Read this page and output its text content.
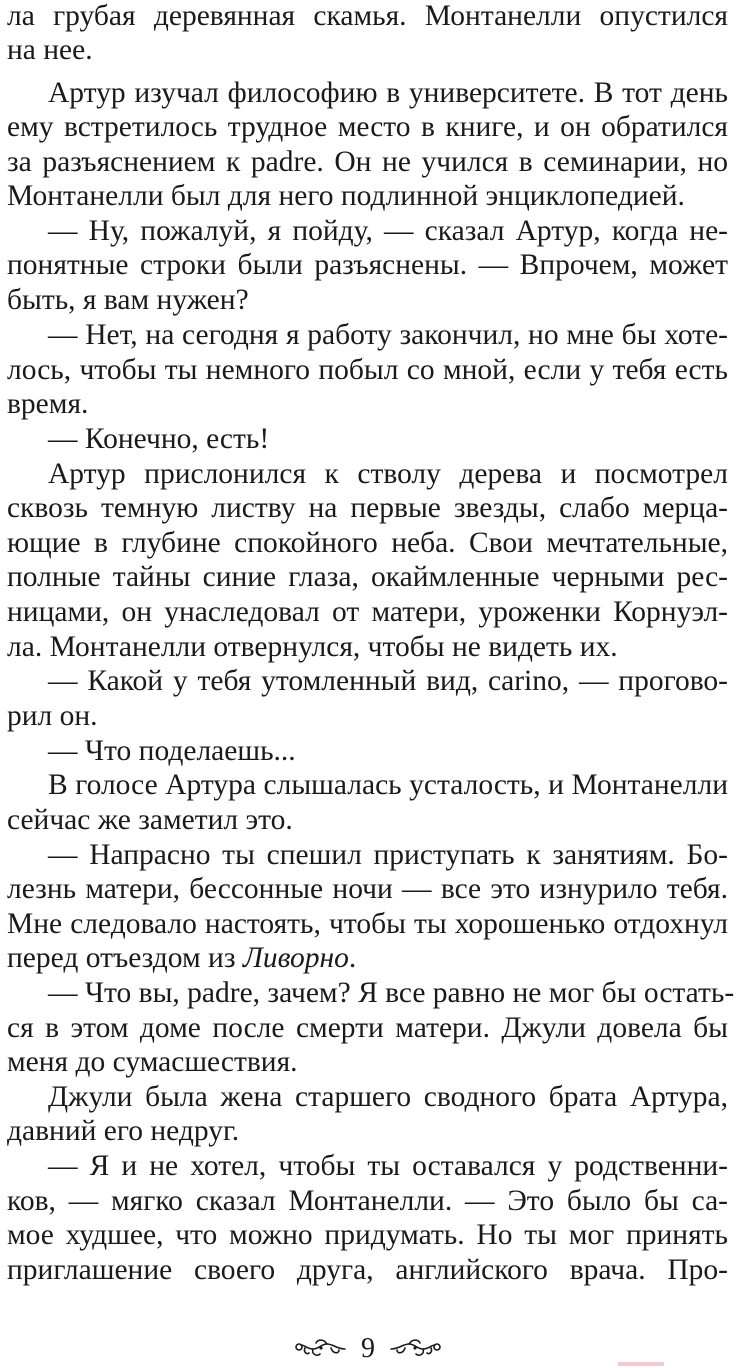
ла грубая деревянная скамья. Монтанелли опустился
на нее.
Артур изучал философию в университете. В тот день
ему встретилось трудное место в книге, и он обратился
за разъяснением к padre. Он не учился в семинарии, но
Монтанелли был для него подлинной энциклопедией.
— Ну, пожалуй, я пойду, — сказал Артур, когда не-
понятные строки были разъяснены. — Впрочем, может
быть, я вам нужен?
— Нет, на сегодня я работу закончил, но мне бы хоте-
лось, чтобы ты немного побыл со мной, если у тебя есть
время.
— Конечно, есть!
Артур прислонился к стволу дерева и посмотрел
сквозь темную листву на первые звезды, слабо мерца-
ющие в глубине спокойного неба. Свои мечтательные,
полные тайны синие глаза, окаймленные черными рес-
ницами, он унаследовал от матери, уроженки Корнуэл-
ла. Монтанелли отвернулся, чтобы не видеть их.
— Какой у тебя утомленный вид, carino, — прогово-
рил он.
— Что поделаешь...
В голосе Артура слышалась усталость, и Монтанелли
сейчас же заметил это.
— Напрасно ты спешил приступать к занятиям. Бо-
лезнь матери, бессонные ночи — все это изнурило тебя.
Мне следовало настоять, чтобы ты хорошенько отдохнул
перед отъездом из Ливорно.
— Что вы, padre, зачем? Я все равно не мог бы остать-
ся в этом доме после смерти матери. Джули довела бы
меня до сумасшествия.
Джули была жена старшего сводного брата Артура,
давний его недруг.
— Я и не хотел, чтобы ты оставался у родственни-
ков, — мягко сказал Монтанелли. — Это было бы са-
мое худшее, что можно придумать. Но ты мог принять
приглашение своего друга, английского врача. Про-
9
